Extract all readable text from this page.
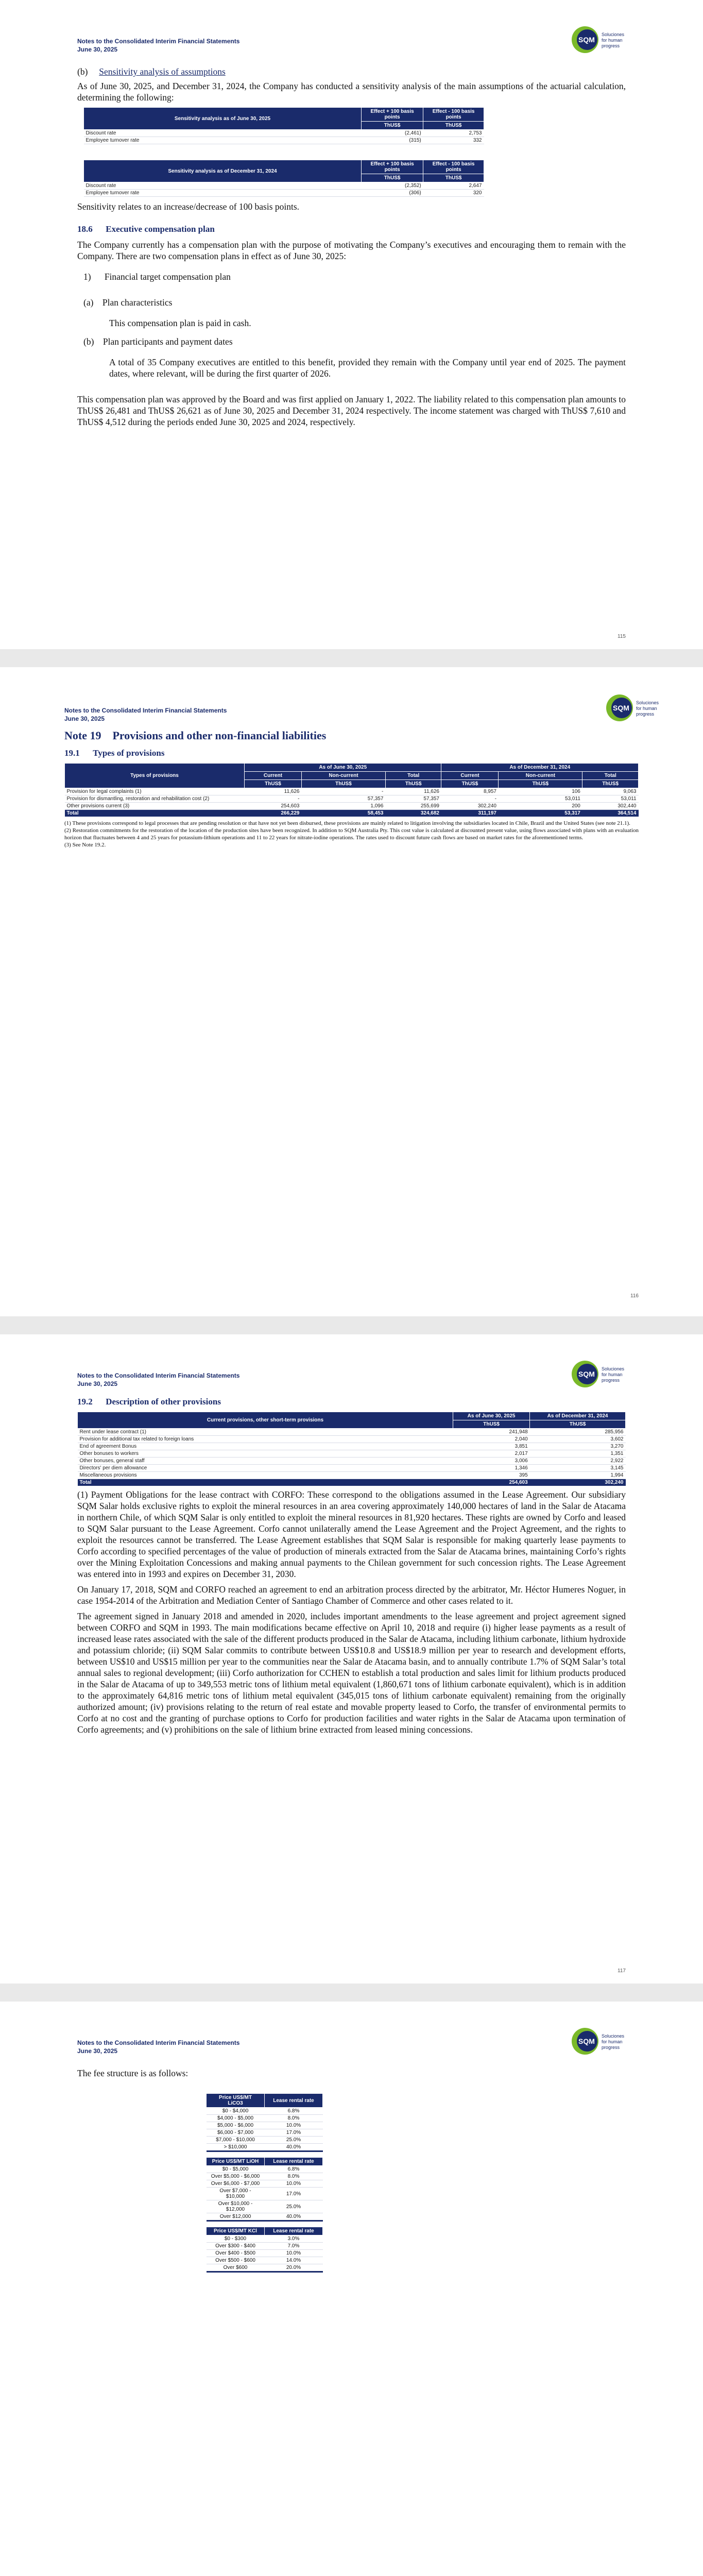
Notes to the Consolidated Interim Financial Statements
June 30, 2025
SQM
Soluciones
for human
progress

(b) Sensitivity analysis of assumptions

As of June 30, 2025, and December 31, 2024, the Company has conducted a sensitivity analysis of the main assumptions of the actuarial calculation, determining the following:

Sensitivity analysis as of June 30, 2025	Effect + 100 basis points	Effect - 100 basis points
	ThUS$	ThUS$
Discount rate	(2,461)	2,753
Employee turnover rate	(315)	332
Sensitivity analysis as of December 31, 2024	Effect + 100 basis points	Effect - 100 basis points
	ThUS$	ThUS$
Discount rate	(2,352)	2,647
Employee turnover rate	(306)	320

Sensitivity relates to an increase/decrease of 100 basis points.

18.6 Executive compensation plan

The Company currently has a compensation plan with the purpose of motivating the Company’s executives and encouraging them to remain with the Company. There are two compensation plans in effect as of June 30, 2025:

1)      Financial target compensation plan

(a)    Plan characteristics

This compensation plan is paid in cash.

(b)    Plan participants and payment dates

A total of 35 Company executives are entitled to this benefit, provided they remain with the Company until year end of 2025. The payment dates, where relevant, will be during the first quarter of 2026.

This compensation plan was approved by the Board and was first applied on January 1, 2022. The liability related to this compensation plan amounts to ThUS$ 26,481 and ThUS$ 26,621 as of June 30, 2025 and December 31, 2024 respectively. The income statement was charged with ThUS$ 7,610 and ThUS$ 4,512 during the periods ended June 30, 2025 and 2024, respectively.

115
Notes to the Consolidated Interim Financial Statements
June 30, 2025
SQM
Soluciones
for human
progress

Note 19    Provisions and other non-financial liabilities

19.1 Types of provisions

Types of provisions	As of June 30, 2025			As of December 31, 2024		
	Current	Non-current	Total	Current	Non-current	Total
	ThUS$	ThUS$	ThUS$	ThUS$	ThUS$	ThUS$
Provision for legal complaints (1)	11,626	-	11,626	8,957	106	9,063
Provision for dismantling, restoration and rehabilitation cost (2)	-	57,357	57,357	-	53,011	53,011
Other provisions current (3)	254,603	1,096	255,699	302,240	200	302,440
Total	266,229	58,453	324,682	311,197	53,317	364,514
(1) These provisions correspond to legal processes that are pending resolution or that have not yet been disbursed, these provisions are mainly related to litigation involving the subsidiaries located in Chile, Brazil and the United States (see note 21.1).
(2) Restoration commitments for the restoration of the location of the production sites have been recognized. In addition to SQM Australia Pty. This cost value is calculated at discounted present value, using flows associated with plans with an evaluation horizon that fluctuates between 4 and 25 years for potassium-lithium operations and 11 to 22 years for nitrate-iodine operations. The rates used to discount future cash flows are based on market rates for the aforementioned terms.
(3) See Note 19.2.
116
Notes to the Consolidated Interim Financial Statements
June 30, 2025
SQM
Soluciones
for human
progress

19.2 Description of other provisions

Current provisions, other short-term provisions	As of June 30, 2025	As of December 31, 2024
	ThUS$	ThUS$
Rent under lease contract (1)	241,948	285,956
Provision for additional tax related to foreign loans	2,040	3,602
End of agreement Bonus	3,851	3,270
Other bonuses to workers	2,017	1,351
Other bonuses, general staff	3,006	2,922
Directors' per diem allowance	1,346	3,145
Miscellaneous provisions	395	1,994
Total	254,603	302,240

(1) Payment Obligations for the lease contract with CORFO: These correspond to the obligations assumed in the Lease Agreement. Our subsidiary SQM Salar holds exclusive rights to exploit the mineral resources in an area covering approximately 140,000 hectares of land in the Salar de Atacama in northern Chile, of which SQM Salar is only entitled to exploit the mineral resources in 81,920 hectares. These rights are owned by Corfo and leased to SQM Salar pursuant to the Lease Agreement. Corfo cannot unilaterally amend the Lease Agreement and the Project Agreement, and the rights to exploit the resources cannot be transferred. The Lease Agreement establishes that SQM Salar is responsible for making quarterly lease payments to Corfo according to specified percentages of the value of production of minerals extracted from the Salar de Atacama brines, maintaining Corfo’s rights over the Mining Exploitation Concessions and making annual payments to the Chilean government for such concession rights. The Lease Agreement was entered into in 1993 and expires on December 31, 2030.

On January 17, 2018, SQM and CORFO reached an agreement to end an arbitration process directed by the arbitrator, Mr. Héctor Humeres Noguer, in case 1954-2014 of the Arbitration and Mediation Center of Santiago Chamber of Commerce and other cases related to it.

The agreement signed in January 2018 and amended in 2020, includes important amendments to the lease agreement and project agreement signed between CORFO and SQM in 1993. The main modifications became effective on April 10, 2018 and require (i) higher lease payments as a result of increased lease rates associated with the sale of the different products produced in the Salar de Atacama, including lithium carbonate, lithium hydroxide and potassium chloride; (ii) SQM Salar commits to contribute between US$10.8 and US$18.9 million per year to research and development efforts, between US$10 and US$15 million per year to the communities near the Salar de Atacama basin, and to annually contribute 1.7% of SQM Salar’s total annual sales to regional development; (iii) Corfo authorization for CCHEN to establish a total production and sales limit for lithium products produced in the Salar de Atacama of up to 349,553 metric tons of lithium metal equivalent (1,860,671 tons of lithium carbonate equivalent), which is in addition to the approximately 64,816 metric tons of lithium metal equivalent (345,015 tons of lithium carbonate equivalent) remaining from the originally authorized amount; (iv) provisions relating to the return of real estate and movable property leased to Corfo, the transfer of environmental permits to Corfo at no cost and the granting of purchase options to Corfo for production facilities and water rights in the Salar de Atacama upon termination of Corfo agreements; and (v) prohibitions on the sale of lithium brine extracted from leased mining concessions.

117
Notes to the Consolidated Interim Financial Statements
June 30, 2025
SQM
Soluciones
for human
progress

The fee structure is as follows:

Price US$/MT LiCO3	Lease rental rate
$0 - $4,000	6.8%
$4,000 - $5,000	8.0%
$5,000 - $6,000	10.0%
$6,000 - $7,000	17.0%
$7,000 - $10,000	25.0%
> $10,000	40.0%
Price US$/MT LiOH	Lease rental rate
$0 - $5,000	6.8%
Over $5,000 - $6,000	8.0%
Over $6,000 - $7,000	10.0%
Over $7,000 - $10,000	17.0%
Over $10,000 - $12,000	25.0%
Over $12,000	40.0%
Price US$/MT KCl	Lease rental rate
$0 - $300	3.0%
Over $300 - $400	7.0%
Over $400 - $500	10.0%
Over $500 - $600	14.0%
Over $600	20.0%
